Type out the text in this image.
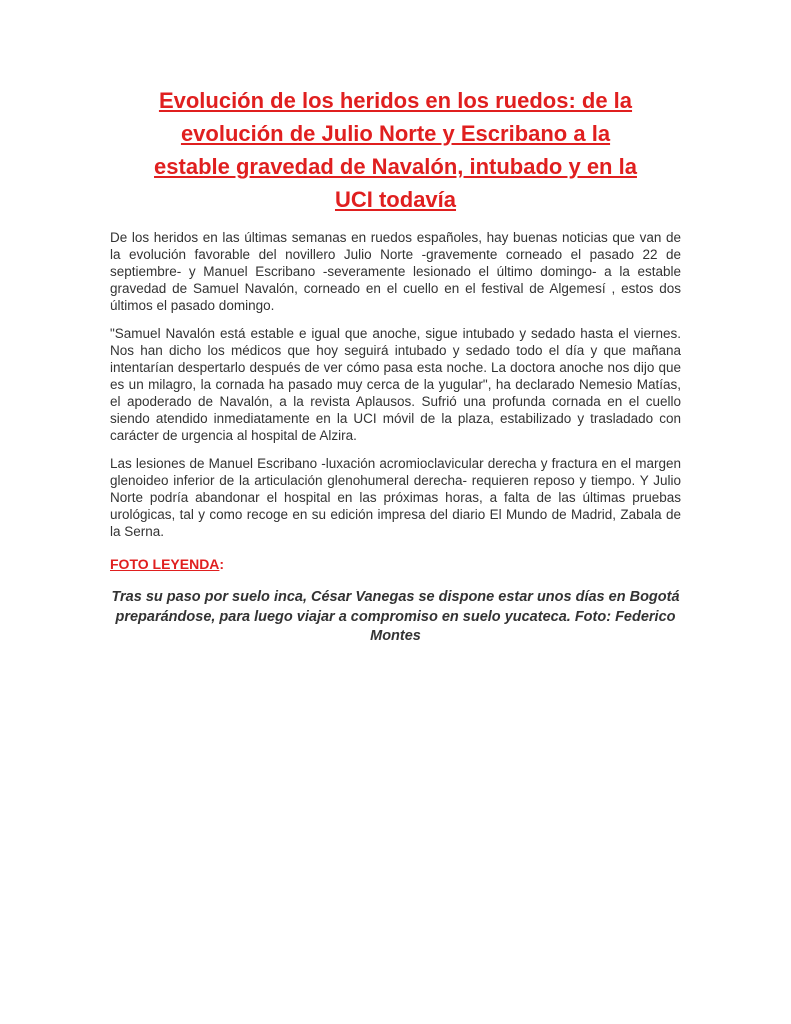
Evolución de los heridos en los ruedos: de la
evolución de Julio Norte y Escribano a la
estable gravedad de Navalón, intubado y en la
UCI todavía

De los heridos en las últimas semanas en ruedos españoles, hay buenas noticias que van de la evolución favorable del novillero Julio Norte -gravemente corneado el pasado 22 de septiembre- y Manuel Escribano -severamente lesionado el último domingo- a la estable gravedad de Samuel Navalón, corneado en el cuello en el festival de Algemesí , estos dos últimos el pasado domingo.

"Samuel Navalón está estable e igual que anoche, sigue intubado y sedado hasta el viernes. Nos han dicho los médicos que hoy seguirá intubado y sedado todo el día y que mañana intentarían despertarlo después de ver cómo pasa esta noche. La doctora anoche nos dijo que es un milagro, la cornada ha pasado muy cerca de la yugular", ha declarado Nemesio Matías, el apoderado de Navalón, a la revista Aplausos. Sufrió una profunda cornada en el cuello siendo atendido inmediatamente en la UCI móvil de la plaza, estabilizado y trasladado con carácter de urgencia al hospital de Alzira.

Las lesiones de Manuel Escribano -luxación acromioclavicular derecha y fractura en el margen glenoideo inferior de la articulación glenohumeral derecha- requieren reposo y tiempo. Y Julio Norte podría abandonar el hospital en las próximas horas, a falta de las últimas pruebas urológicas, tal y como recoge en su edición impresa del diario El Mundo de Madrid, Zabala de la Serna.

FOTO LEYENDA:

Tras su paso por suelo inca, César Vanegas se dispone estar unos días en Bogotá
preparándose, para luego viajar a compromiso en suelo yucateca. Foto: Federico
Montes
